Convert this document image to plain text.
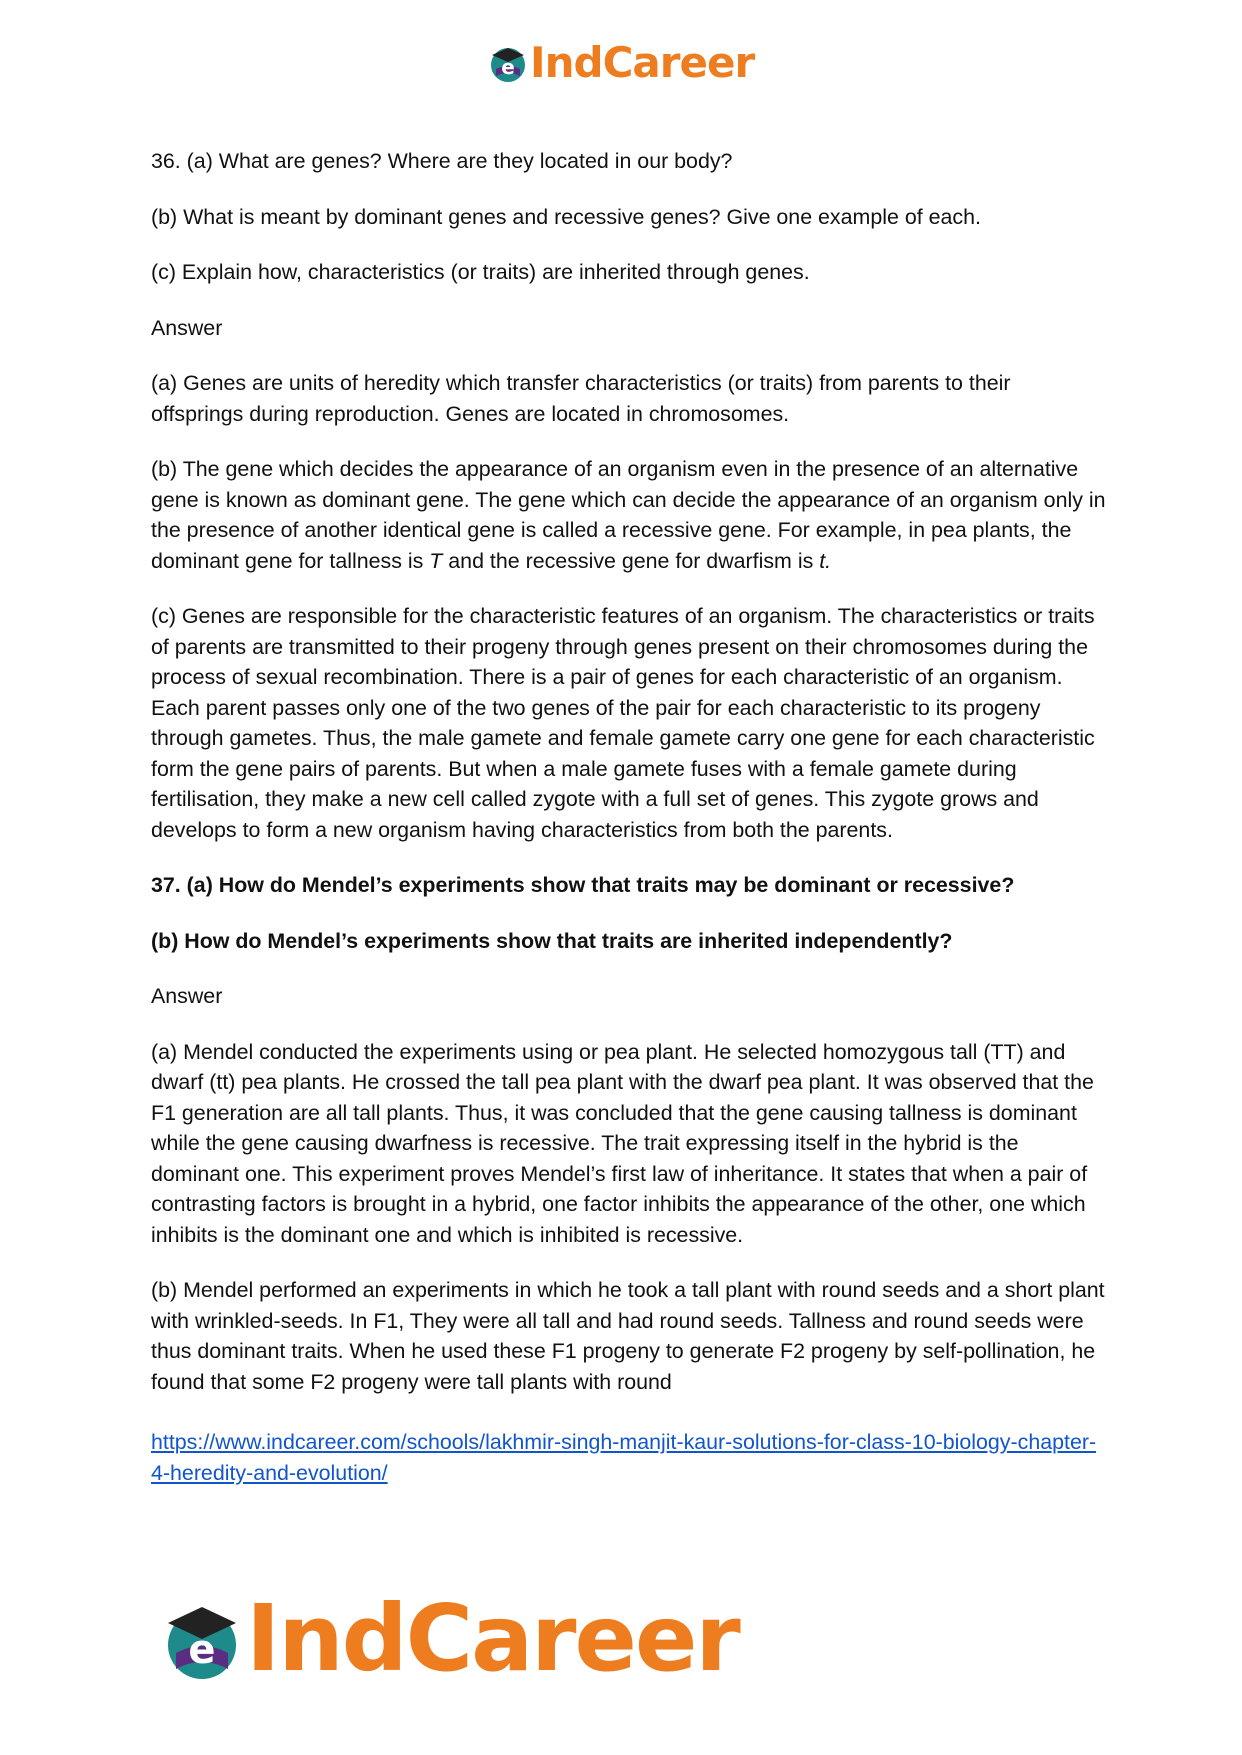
e IndCareer

36. (a) What are genes? Where are they located in our body?

(b) What is meant by dominant genes and recessive genes? Give one example of each.

(c) Explain how, characteristics (or traits) are inherited through genes.

Answer

(a) Genes are units of heredity which transfer characteristics (or traits) from parents to their offsprings during reproduction. Genes are located in chromosomes.

(b) The gene which decides the appearance of an organism even in the presence of an alternative gene is known as dominant gene. The gene which can decide the appearance of an organism only in the presence of another identical gene is called a recessive gene. For example, in pea plants, the dominant gene for tallness is T and the recessive gene for dwarfism is t.

(c) Genes are responsible for the characteristic features of an organism. The characteristics or traits of parents are transmitted to their progeny through genes present on their chromosomes during the process of sexual recombination. There is a pair of genes for each characteristic of an organism. Each parent passes only one of the two genes of the pair for each characteristic to its progeny through gametes. Thus, the male gamete and female gamete carry one gene for each characteristic form the gene pairs of parents. But when a male gamete fuses with a female gamete during fertilisation, they make a new cell called zygote with a full set of genes. This zygote grows and develops to form a new organism having characteristics from both the parents.

37. (a) How do Mendel’s experiments show that traits may be dominant or recessive?

(b) How do Mendel’s experiments show that traits are inherited independently?

Answer

(a) Mendel conducted the experiments using or pea plant. He selected homozygous tall (TT) and dwarf (tt) pea plants. He crossed the tall pea plant with the dwarf pea plant. It was observed that the F1 generation are all tall plants. Thus, it was concluded that the gene causing tallness is dominant while the gene causing dwarfness is recessive. The trait expressing itself in the hybrid is the dominant one. This experiment proves Mendel’s first law of inheritance. It states that when a pair of contrasting factors is brought in a hybrid, one factor inhibits the appearance of the other, one which inhibits is the dominant one and which is inhibited is recessive.

(b) Mendel performed an experiments in which he took a tall plant with round seeds and a short plant with wrinkled-seeds. In F1, They were all tall and had round seeds. Tallness and round seeds were thus dominant traits. When he used these F1 progeny to generate F2 progeny by self-pollination, he found that some F2 progeny were tall plants with round

https://www.indcareer.com/schools/lakhmir-singh-manjit-kaur-solutions-for-class-10-biology-chapter-4-heredity-and-evolution/

e IndCareer
